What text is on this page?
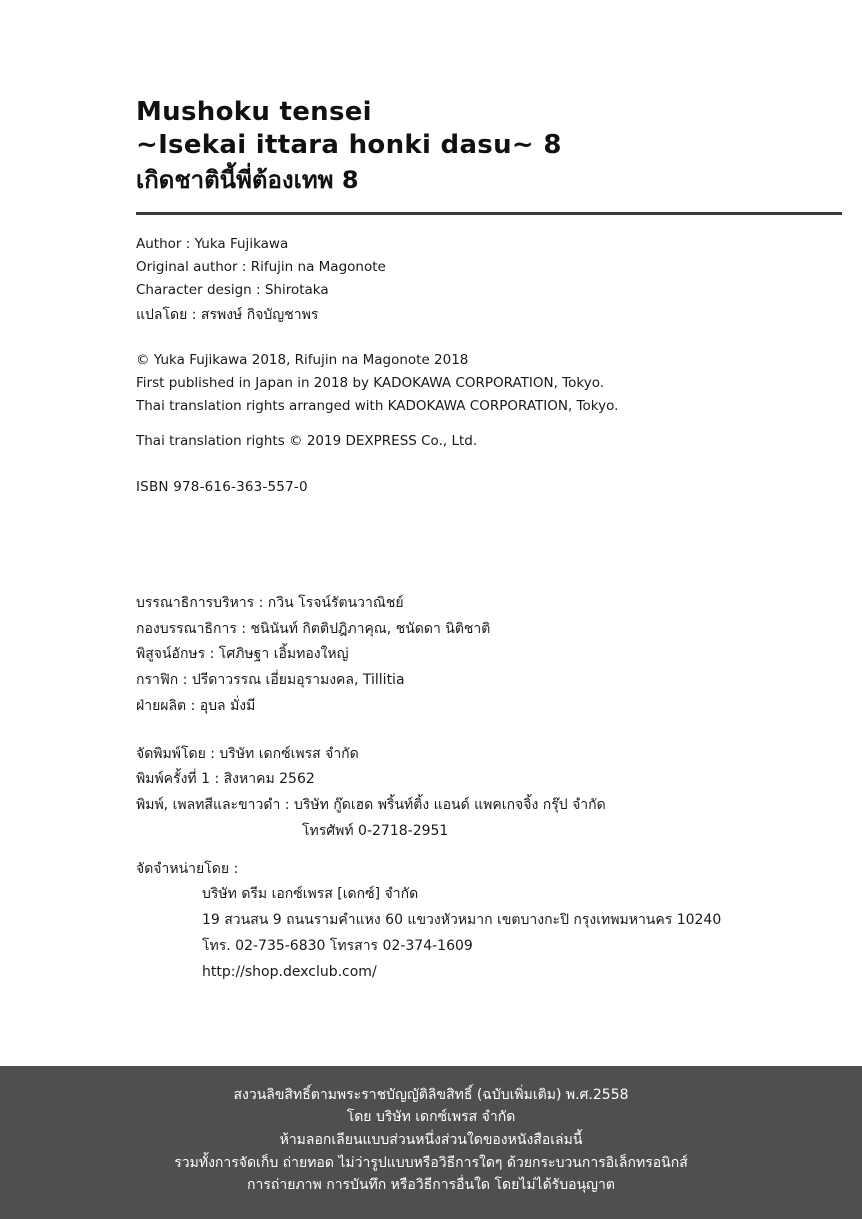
Mushoku tensei
~Isekai ittara honki dasu~ 8
เกิดชาตินี้พี่ต้องเทพ 8
Author : Yuka Fujikawa
Original author : Rifujin na Magonote
Character design : Shirotaka
แปลโดย : สรพงษ์ กิจบัญชาพร
© Yuka Fujikawa 2018, Rifujin na Magonote 2018
First published in Japan in 2018 by KADOKAWA CORPORATION, Tokyo.
Thai translation rights arranged with KADOKAWA CORPORATION, Tokyo.
Thai translation rights © 2019 DEXPRESS Co., Ltd.
ISBN 978-616-363-557-0
บรรณาธิการบริหาร : กวิน โรจน์รัตนวาณิชย์
กองบรรณาธิการ : ชนินันท์ กิตติปฎิภาคุณ, ชนัดดา นิติชาติ
พิสูจน์อักษร : โศภิษฐา เอิ้มทองใหญ่
กราฟิก : ปรีดาวรรณ เอี่ยมอุรามงคล, Tillitia
ฝ่ายผลิต : อุบล มั่งมี
จัดพิมพ์โดย : บริษัท เดกซ์เพรส จำกัด
พิมพ์ครั้งที่ 1 : สิงหาคม 2562
พิมพ์, เพลทสีและขาวดำ : บริษัท กู๊ดเฮด พริ้นท์ติ้ง แอนด์ แพคเกจจิ้ง กรุ๊ป จำกัด
โทรศัพท์ 0-2718-2951
จัดจำหน่ายโดย :
บริษัท ดรีม เอกซ์เพรส [เดกซ์] จำกัด
19 สวนสน 9 ถนนรามคำแหง 60 แขวงหัวหมาก เขตบางกะปิ กรุงเทพมหานคร 10240
โทร. 02-735-6830 โทรสาร 02-374-1609
http://shop.dexclub.com/
สงวนลิขสิทธิ์ตามพระราชบัญญัติลิขสิทธิ์ (ฉบับเพิ่มเติม) พ.ศ.2558
โดย บริษัท เดกซ์เพรส จำกัด
ห้ามลอกเลียนแบบส่วนหนึ่งส่วนใดของหนังสือเล่มนี้
รวมทั้งการจัดเก็บ ถ่ายทอด ไม่ว่ารูปแบบหรือวิธีการใดๆ ด้วยกระบวนการอิเล็กทรอนิกส์
การถ่ายภาพ การบันทึก หรือวิธีการอื่นใด โดยไม่ได้รับอนุญาต
